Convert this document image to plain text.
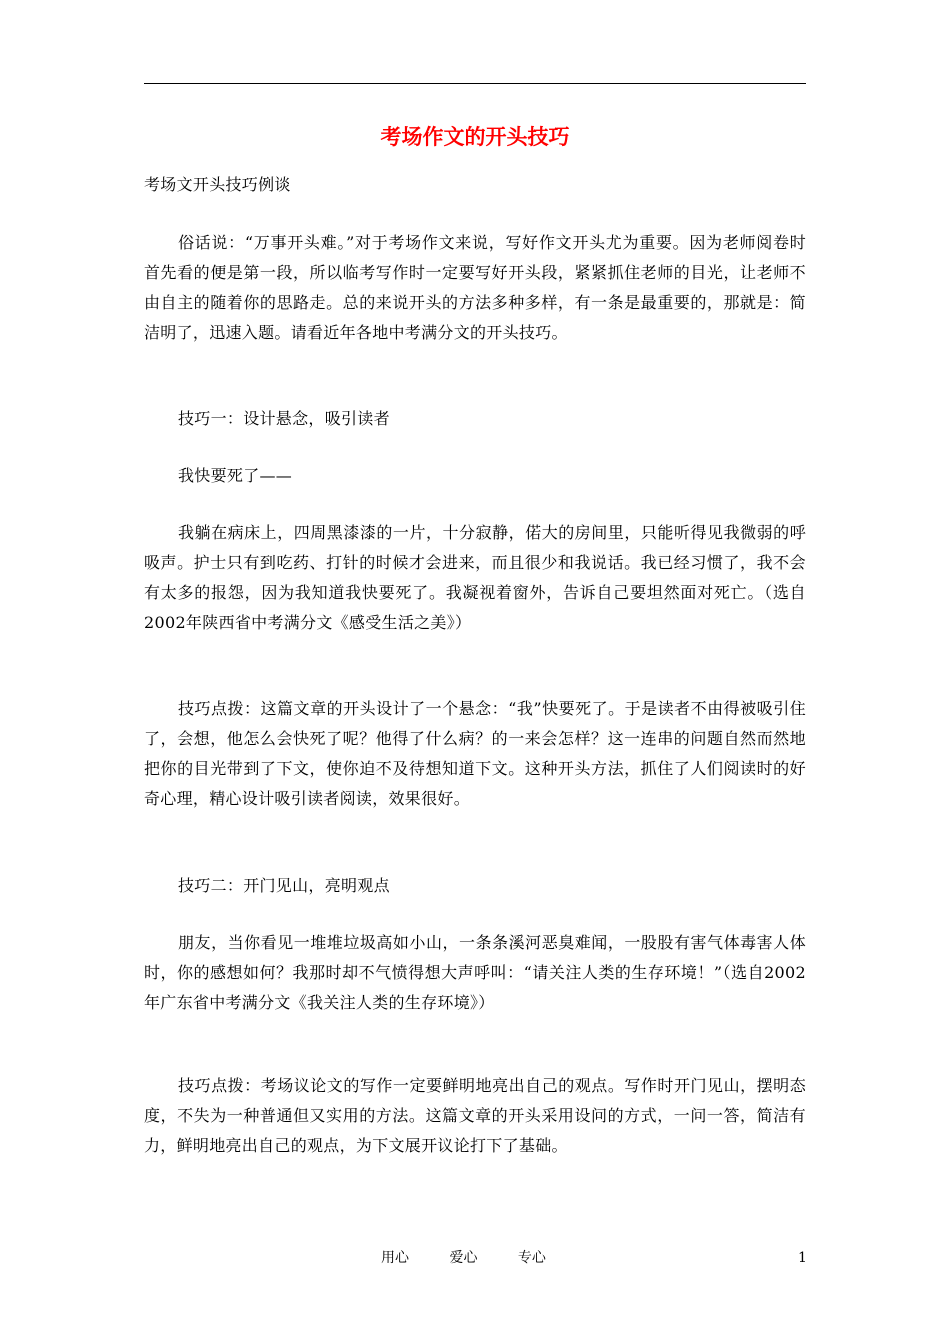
考场作文的开头技巧

考场文开头技巧例谈

俗话说：“万事开头难。”对于考场作文来说，写好作文开头尤为重要。因为老师阅卷时首先看的便是第一段，所以临考写作时一定要写好开头段，紧紧抓住老师的目光，让老师不由自主的随着你的思路走。总的来说开头的方法多种多样，有一条是最重要的，那就是：简洁明了，迅速入题。请看近年各地中考满分文的开头技巧。

技巧一：设计悬念，吸引读者

我快要死了——

我躺在病床上，四周黑漆漆的一片，十分寂静，偌大的房间里，只能听得见我微弱的呼吸声。护士只有到吃药、打针的时候才会进来，而且很少和我说话。我已经习惯了，我不会有太多的报怨，因为我知道我快要死了。我凝视着窗外，告诉自己要坦然面对死亡。（选自2002年陕西省中考满分文《感受生活之美》）

技巧点拨：这篇文章的开头设计了一个悬念：“我”快要死了。于是读者不由得被吸引住了，会想，他怎么会快死了呢？他得了什么病？的一来会怎样？这一连串的问题自然而然地把你的目光带到了下文，使你迫不及待想知道下文。这种开头方法，抓住了人们阅读时的好奇心理，精心设计吸引读者阅读，效果很好。

技巧二：开门见山，亮明观点

朋友，当你看见一堆堆垃圾高如小山，一条条溪河恶臭难闻，一股股有害气体毒害人体时，你的感想如何？我那时却不气愤得想大声呼叫：“请关注人类的生存环境！”（选自2002年广东省中考满分文《我关注人类的生存环境》）

技巧点拨：考场议论文的写作一定要鲜明地亮出自己的观点。写作时开门见山，摆明态度，不失为一种普通但又实用的方法。这篇文章的开头采用设问的方式，一问一答，简洁有力，鲜明地亮出自己的观点，为下文展开议论打下了基础。

用心	爱心	专心	1
